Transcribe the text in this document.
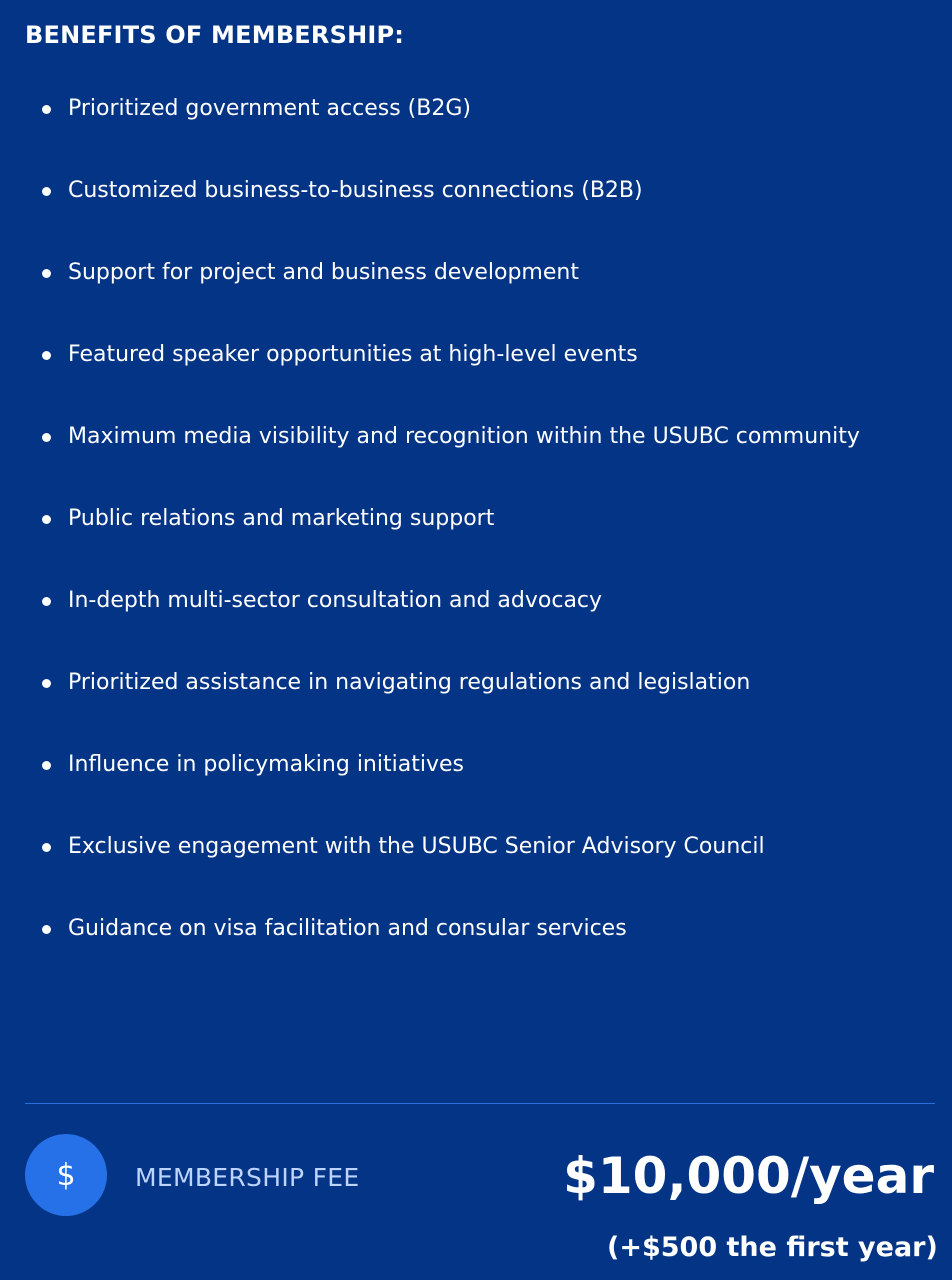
BENEFITS OF MEMBERSHIP:
Prioritized government access (B2G)
Customized business-to-business connections (B2B)
Support for project and business development
Featured speaker opportunities at high-level events
Maximum media visibility and recognition within the USUBC community
Public relations and marketing support
In-depth multi-sector consultation and advocacy
Prioritized assistance in navigating regulations and legislation
Influence in policymaking initiatives
Exclusive engagement with the USUBC Senior Advisory Council
Guidance on visa facilitation and consular services
$	MEMBERSHIP FEE	$10,000/year
(+$500 the first year)
